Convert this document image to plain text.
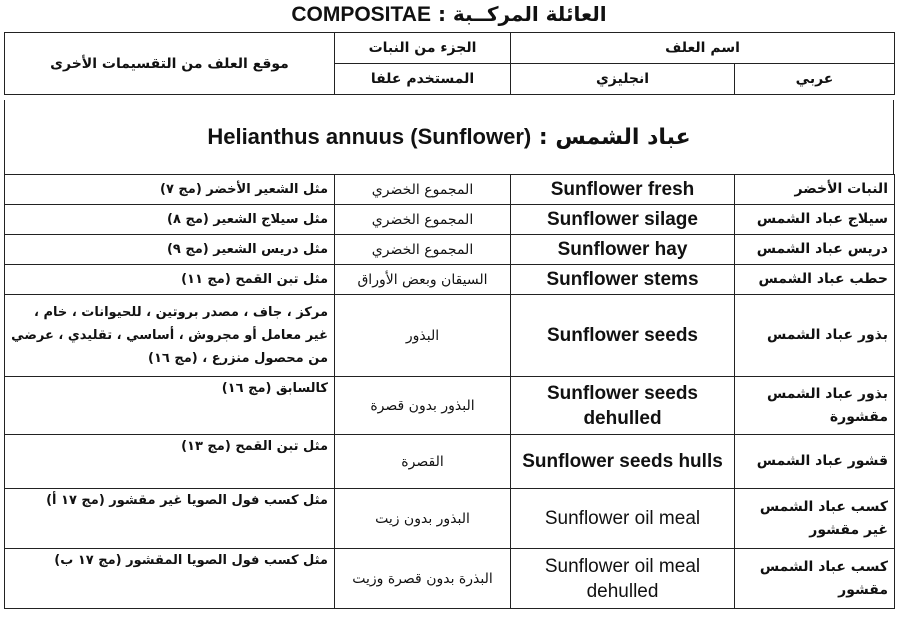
COMPOSITAE : العائلة المركــبة
موقع العلف من التقسيمات الأخرى	الجزء من النبات	اسم العلف	
	المستخدم علفا	انجليزي	عربي
Helianthus annuus (Sunflower) : عباد الشمس
مثل الشعير الأخضر (مج ٧)	المجموع الخضري	Sunflower fresh	النبات الأخضر
مثل سيلاج الشعير (مج ٨)	المجموع الخضري	Sunflower silage	سيلاج عباد الشمس
مثل دريس الشعير (مج ٩)	المجموع الخضري	Sunflower hay	دريس عباد الشمس
مثل تبن القمح (مج ١١)	السيقان وبعض الأوراق	Sunflower stems	حطب عباد الشمس
مركز ، جاف ، مصدر بروتين ، للحيوانات ، خام ، غير معامل أو مجروش ، أساسي ، تقليدي ، عرضي من محصول منزرع ، (مج ١٦)	البذور	Sunflower seeds	بذور عباد الشمس
كالسابق (مج ١٦)	البذور بدون قصرة	Sunflower seeds dehulled	بذور عباد الشمس مقشورة
مثل تبن القمح (مج ١٣)	القصرة	Sunflower seeds hulls	قشور عباد الشمس
مثل كسب فول الصويا غير مقشور (مج ١٧ أ)	البذور بدون زيت	Sunflower oil meal	كسب عباد الشمس غير مقشور
مثل كسب فول الصويا المقشور (مج ١٧ ب)	البذرة بدون قصرة وزيت	Sunflower oil meal dehulled	كسب عباد الشمس مقشور
